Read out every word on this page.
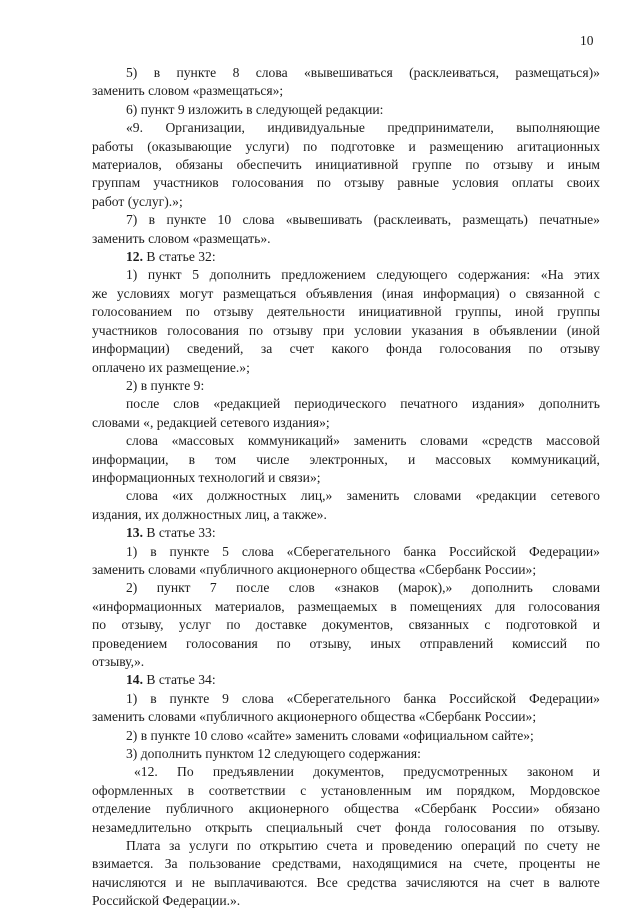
10
5) в пункте 8 слова «вывешиваться (расклеиваться, размещаться)»
заменить словом «размещаться»;
6) пункт 9 изложить в следующей редакции:
«9. Организации, индивидуальные предприниматели, выполняющие
работы (оказывающие услуги) по подготовке и размещению агитационных
материалов, обязаны обеспечить инициативной группе по отзыву и иным
группам участников голосования по отзыву равные условия оплаты своих
работ (услуг).»;
7) в пункте 10 слова «вывешивать (расклеивать, размещать) печатные»
заменить словом «размещать».
12. В статье 32:
1) пункт 5 дополнить предложением следующего содержания: «На этих
же условиях могут размещаться объявления (иная информация) о связанной с
голосованием по отзыву деятельности инициативной группы, иной группы
участников голосования по отзыву при условии указания в объявлении (иной
информации) сведений, за счет какого фонда голосования по отзыву
оплачено их размещение.»;
2) в пункте 9:
после слов «редакцией периодического печатного издания» дополнить
словами «, редакцией сетевого издания»;
слова «массовых коммуникаций» заменить словами «средств массовой
информации, в том числе электронных, и массовых коммуникаций,
информационных технологий и связи»;
слова «их должностных лиц,» заменить словами «редакции сетевого
издания, их должностных лиц, а также».
13. В статье 33:
1) в пункте 5 слова «Сберегательного банка Российской Федерации»
заменить словами «публичного акционерного общества «Сбербанк России»;
2) пункт 7 после слов «знаков (марок),» дополнить словами
«информационных материалов, размещаемых в помещениях для голосования
по отзыву, услуг по доставке документов, связанных с подготовкой и
проведением голосования по отзыву, иных отправлений комиссий по
отзыву,».
14. В статье 34:
1) в пункте 9 слова «Сберегательного банка Российской Федерации»
заменить словами «публичного акционерного общества «Сбербанк России»;
2) в пункте 10 слово «сайте» заменить словами «официальном сайте»;
3) дополнить пунктом 12 следующего содержания:
«12. По предъявлении документов, предусмотренных законом и
оформленных в соответствии с установленным им порядком, Мордовское
отделение публичного акционерного общества «Сбербанк России» обязано
незамедлительно открыть специальный счет фонда голосования по отзыву.
Плата за услуги по открытию счета и проведению операций по счету не
взимается. За пользование средствами, находящимися на счете, проценты не
начисляются и не выплачиваются. Все средства зачисляются на счет в валюте
Российской Федерации.».
